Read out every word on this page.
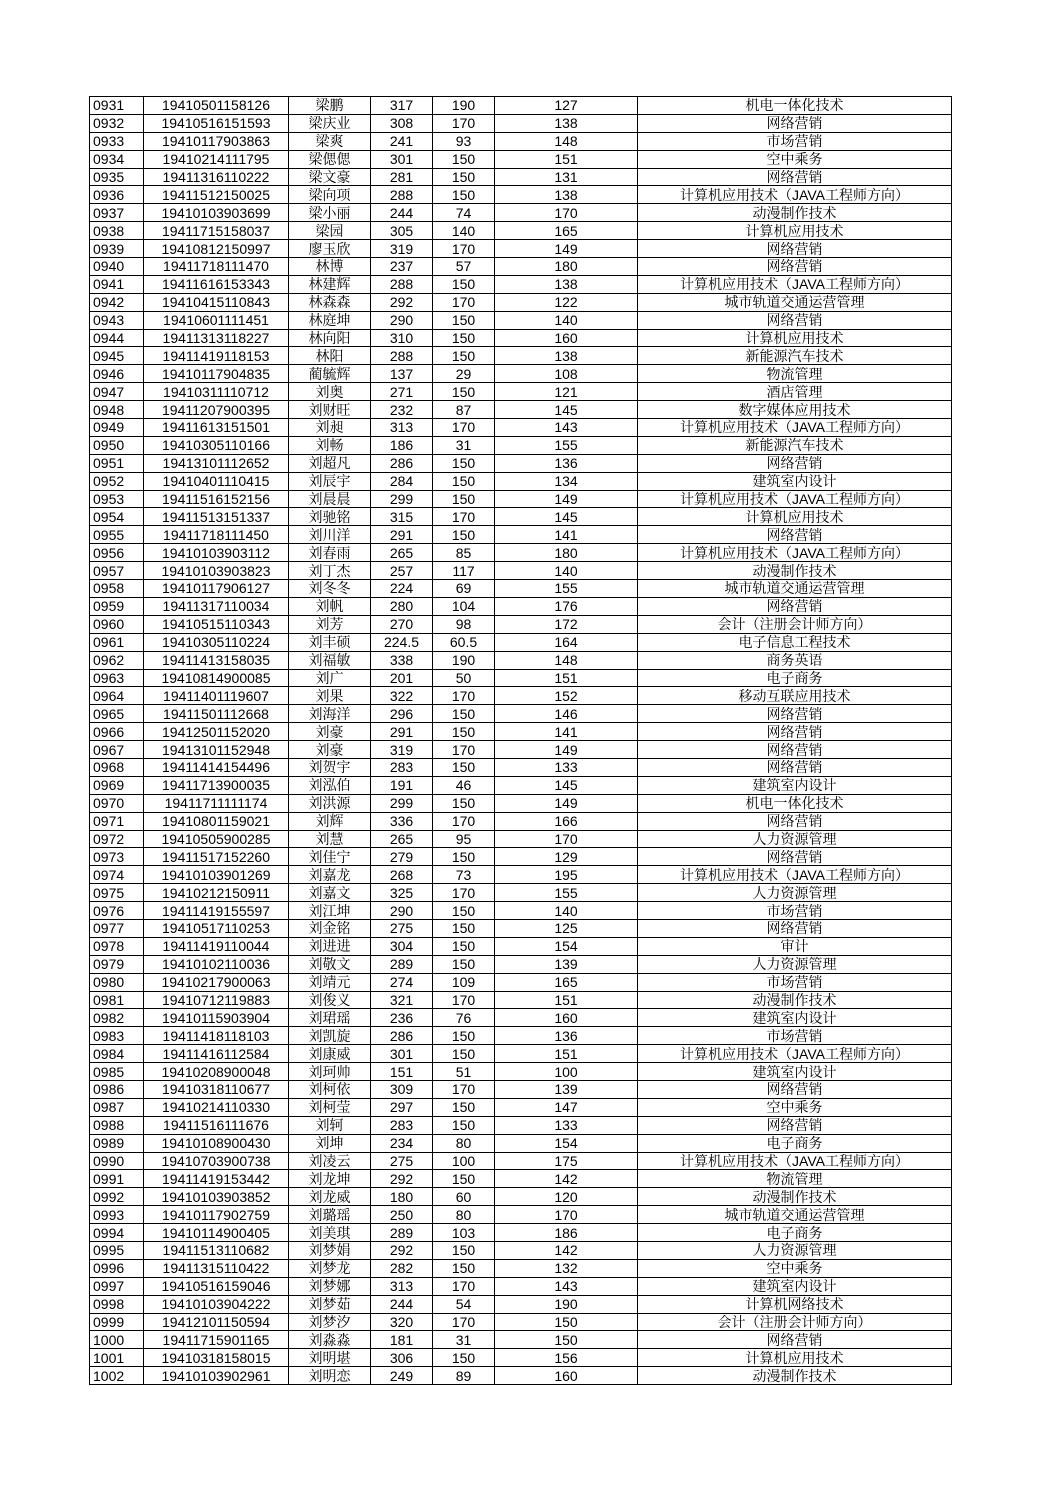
0931	19410501158126	梁鹏	317	190	127	机电一体化技术
0932	19410516151593	梁庆业	308	170	138	网络营销
0933	19410117903863	梁爽	241	93	148	市场营销
0934	19410214111795	梁偲偲	301	150	151	空中乘务
0935	19411316110222	梁文豪	281	150	131	网络营销
0936	19411512150025	梁向项	288	150	138	计算机应用技术（JAVA工程师方向）
0937	19410103903699	梁小丽	244	74	170	动漫制作技术
0938	19411715158037	梁园	305	140	165	计算机应用技术
0939	19410812150997	廖玉欣	319	170	149	网络营销
0940	19411718111470	林博	237	57	180	网络营销
0941	19411616153343	林建辉	288	150	138	计算机应用技术（JAVA工程师方向）
0942	19410415110843	林森森	292	170	122	城市轨道交通运营管理
0943	19410601111451	林庭坤	290	150	140	网络营销
0944	19411313118227	林向阳	310	150	160	计算机应用技术
0945	19411419118153	林阳	288	150	138	新能源汽车技术
0946	19410117904835	蔺毓辉	137	29	108	物流管理
0947	19410311110712	刘奥	271	150	121	酒店管理
0948	19411207900395	刘财旺	232	87	145	数字媒体应用技术
0949	19411613151501	刘昶	313	170	143	计算机应用技术（JAVA工程师方向）
0950	19410305110166	刘畅	186	31	155	新能源汽车技术
0951	19413101112652	刘超凡	286	150	136	网络营销
0952	19410401110415	刘辰宇	284	150	134	建筑室内设计
0953	19411516152156	刘晨晨	299	150	149	计算机应用技术（JAVA工程师方向）
0954	19411513151337	刘驰铭	315	170	145	计算机应用技术
0955	19411718111450	刘川洋	291	150	141	网络营销
0956	19410103903112	刘春雨	265	85	180	计算机应用技术（JAVA工程师方向）
0957	19410103903823	刘丁杰	257	117	140	动漫制作技术
0958	19410117906127	刘冬冬	224	69	155	城市轨道交通运营管理
0959	19411317110034	刘帆	280	104	176	网络营销
0960	19410515110343	刘芳	270	98	172	会计（注册会计师方向）
0961	19410305110224	刘丰硕	224.5	60.5	164	电子信息工程技术
0962	19411413158035	刘福敏	338	190	148	商务英语
0963	19410814900085	刘广	201	50	151	电子商务
0964	19411401119607	刘果	322	170	152	移动互联应用技术
0965	19411501112668	刘海洋	296	150	146	网络营销
0966	19412501152020	刘豪	291	150	141	网络营销
0967	19413101152948	刘豪	319	170	149	网络营销
0968	19411414154496	刘贺宇	283	150	133	网络营销
0969	19411713900035	刘泓伯	191	46	145	建筑室内设计
0970	19411711111174	刘洪源	299	150	149	机电一体化技术
0971	19410801159021	刘辉	336	170	166	网络营销
0972	19410505900285	刘慧	265	95	170	人力资源管理
0973	19411517152260	刘佳宁	279	150	129	网络营销
0974	19410103901269	刘嘉龙	268	73	195	计算机应用技术（JAVA工程师方向）
0975	19410212150911	刘嘉文	325	170	155	人力资源管理
0976	19411419155597	刘江坤	290	150	140	市场营销
0977	19410517110253	刘金铭	275	150	125	网络营销
0978	19411419110044	刘进进	304	150	154	审计
0979	19410102110036	刘敬文	289	150	139	人力资源管理
0980	19410217900063	刘靖元	274	109	165	市场营销
0981	19410712119883	刘俊义	321	170	151	动漫制作技术
0982	19410115903904	刘珺瑶	236	76	160	建筑室内设计
0983	19411418118103	刘凯旋	286	150	136	市场营销
0984	19411416112584	刘康威	301	150	151	计算机应用技术（JAVA工程师方向）
0985	19410208900048	刘珂帅	151	51	100	建筑室内设计
0986	19410318110677	刘柯依	309	170	139	网络营销
0987	19410214110330	刘柯莹	297	150	147	空中乘务
0988	19411516111676	刘轲	283	150	133	网络营销
0989	19410108900430	刘坤	234	80	154	电子商务
0990	19410703900738	刘凌云	275	100	175	计算机应用技术（JAVA工程师方向）
0991	19411419153442	刘龙坤	292	150	142	物流管理
0992	19410103903852	刘龙威	180	60	120	动漫制作技术
0993	19410117902759	刘璐瑶	250	80	170	城市轨道交通运营管理
0994	19410114900405	刘美琪	289	103	186	电子商务
0995	19411513110682	刘梦娟	292	150	142	人力资源管理
0996	19411315110422	刘梦龙	282	150	132	空中乘务
0997	19410516159046	刘梦娜	313	170	143	建筑室内设计
0998	19410103904222	刘梦茹	244	54	190	计算机网络技术
0999	19412101150594	刘梦汐	320	170	150	会计（注册会计师方向）
1000	19411715901165	刘淼淼	181	31	150	网络营销
1001	19410318158015	刘明堪	306	150	156	计算机应用技术
1002	19410103902961	刘明恋	249	89	160	动漫制作技术
